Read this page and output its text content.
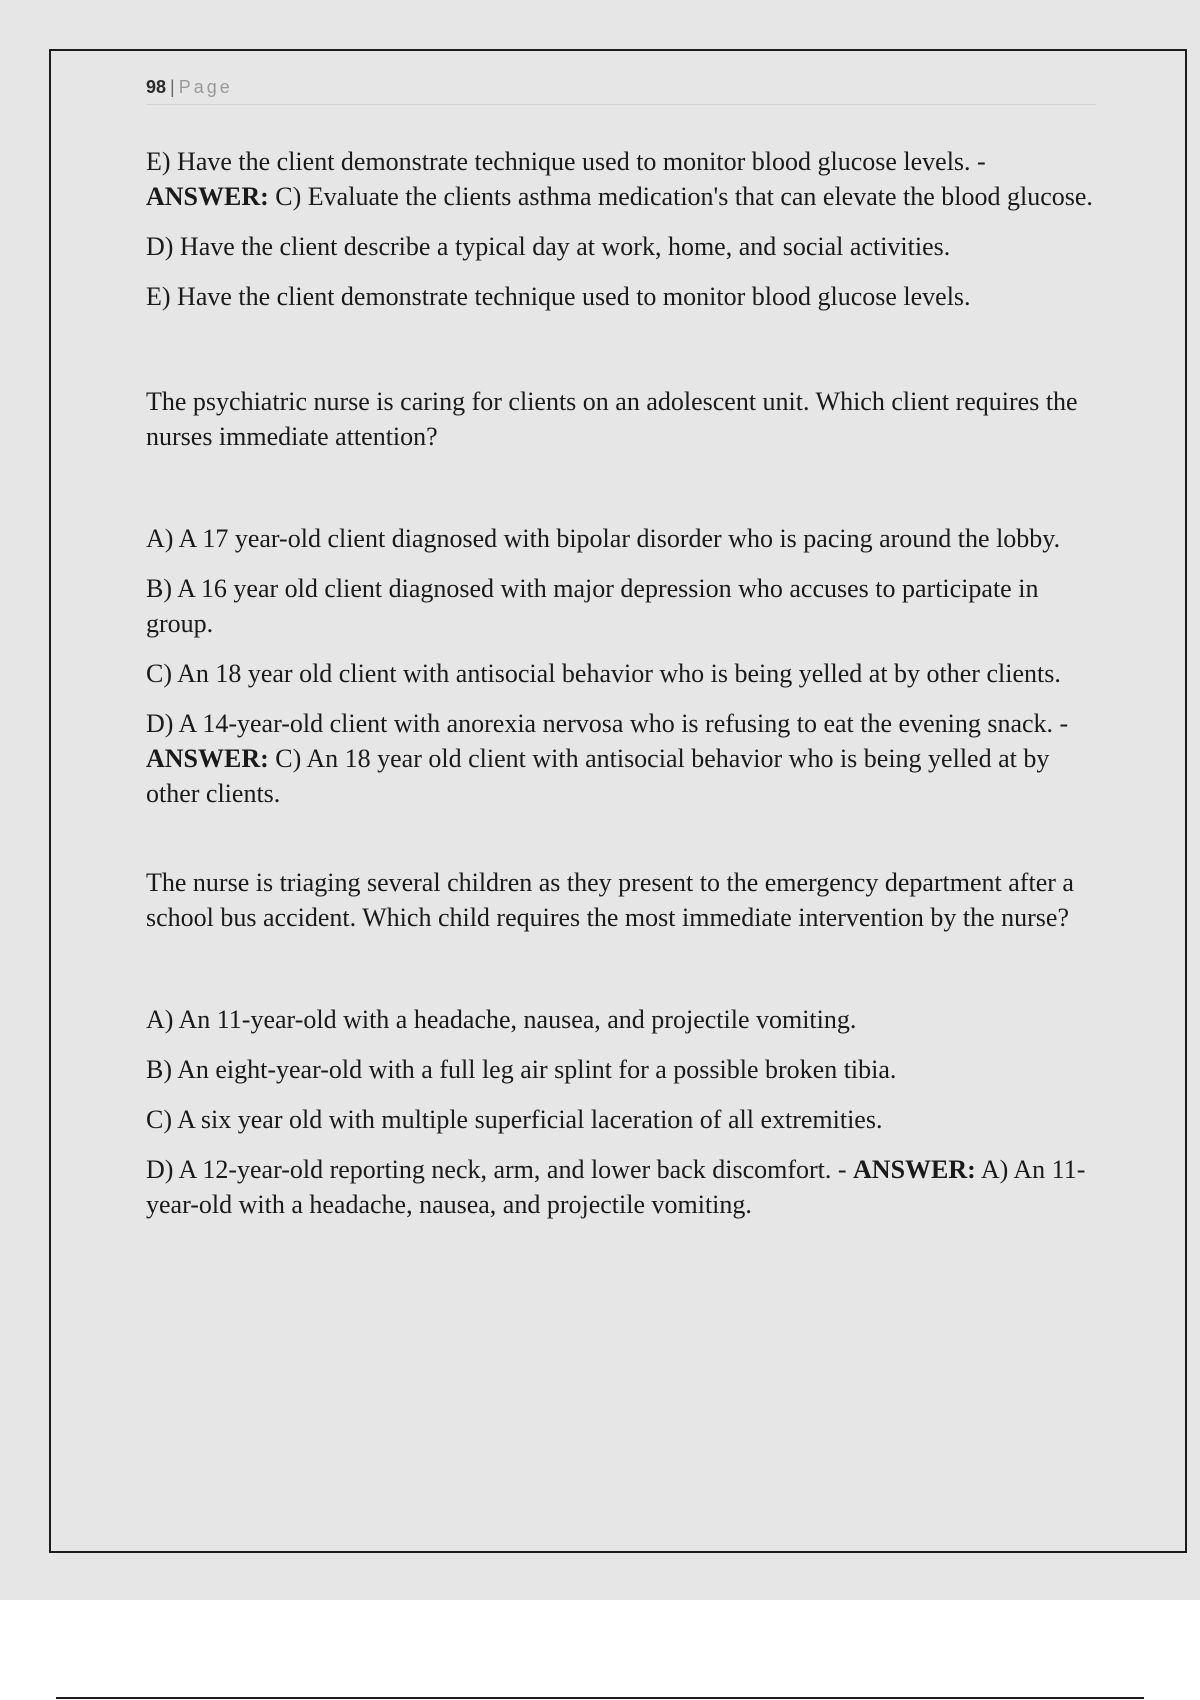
98 | Page

E) Have the client demonstrate technique used to monitor blood glucose levels. -
ANSWER: C) Evaluate the clients asthma medication's that can elevate the blood glucose.

D) Have the client describe a typical day at work, home, and social activities.

E) Have the client demonstrate technique used to monitor blood glucose levels.

The psychiatric nurse is caring for clients on an adolescent unit. Which client requires the nurses immediate attention?

A) A 17 year-old client diagnosed with bipolar disorder who is pacing around the lobby.

B) A 16 year old client diagnosed with major depression who accuses to participate in group.

C) An 18 year old client with antisocial behavior who is being yelled at by other clients.

D) A 14-year-old client with anorexia nervosa who is refusing to eat the evening snack. - ANSWER: C) An 18 year old client with antisocial behavior who is being yelled at by other clients.

The nurse is triaging several children as they present to the emergency department after a school bus accident. Which child requires the most immediate intervention by the nurse?

A) An 11-year-old with a headache, nausea, and projectile vomiting.

B) An eight-year-old with a full leg air splint for a possible broken tibia.

C) A six year old with multiple superficial laceration of all extremities.

D) A 12-year-old reporting neck, arm, and lower back discomfort. - ANSWER: A) An 11-year-old with a headache, nausea, and projectile vomiting.
